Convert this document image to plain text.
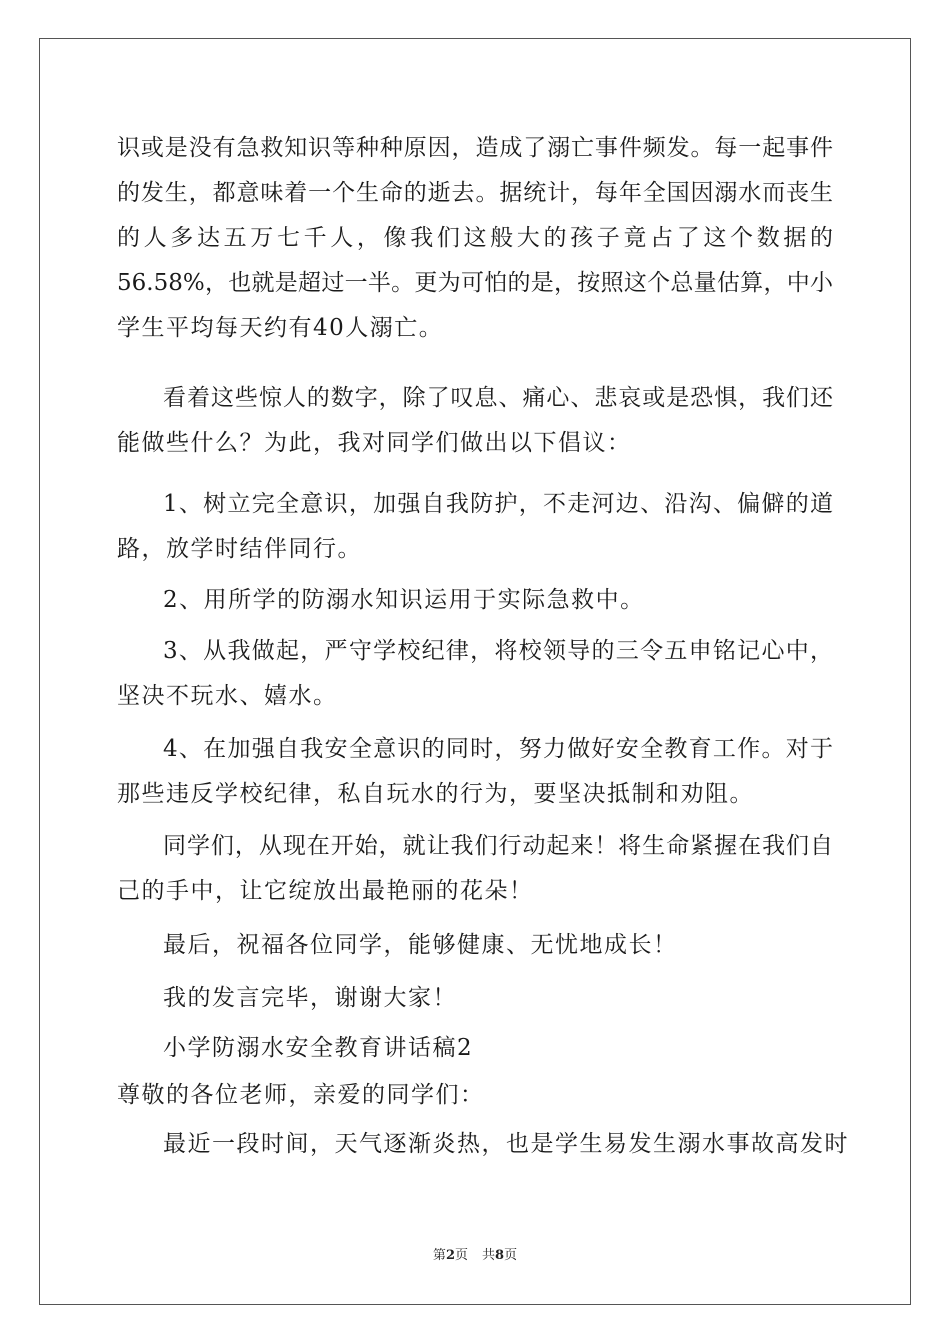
识或是没有急救知识等种种原因，造成了溺亡事件频发。每一起事件
的发生，都意味着一个生命的逝去。据统计，每年全国因溺水而丧生
的人多达五万七千人，像我们这般大的孩子竟占了这个数据的
56.58%，也就是超过一半。更为可怕的是，按照这个总量估算，中小
学生平均每天约有40人溺亡。
看着这些惊人的数字，除了叹息、痛心、悲哀或是恐惧，我们还
能做些什么？为此，我对同学们做出以下倡议：
1、树立完全意识，加强自我防护，不走河边、沿沟、偏僻的道
路，放学时结伴同行。
2、用所学的防溺水知识运用于实际急救中。
3、从我做起，严守学校纪律，将校领导的三令五申铭记心中，
坚决不玩水、嬉水。
4、在加强自我安全意识的同时，努力做好安全教育工作。对于
那些违反学校纪律，私自玩水的行为，要坚决抵制和劝阻。
同学们，从现在开始，就让我们行动起来！将生命紧握在我们自
己的手中，让它绽放出最艳丽的花朵！
最后，祝福各位同学，能够健康、无忧地成长！
我的发言完毕，谢谢大家！
小学防溺水安全教育讲话稿2
尊敬的各位老师，亲爱的同学们：
最近一段时间，天气逐渐炎热，也是学生易发生溺水事故高发时
第2页 共8页
